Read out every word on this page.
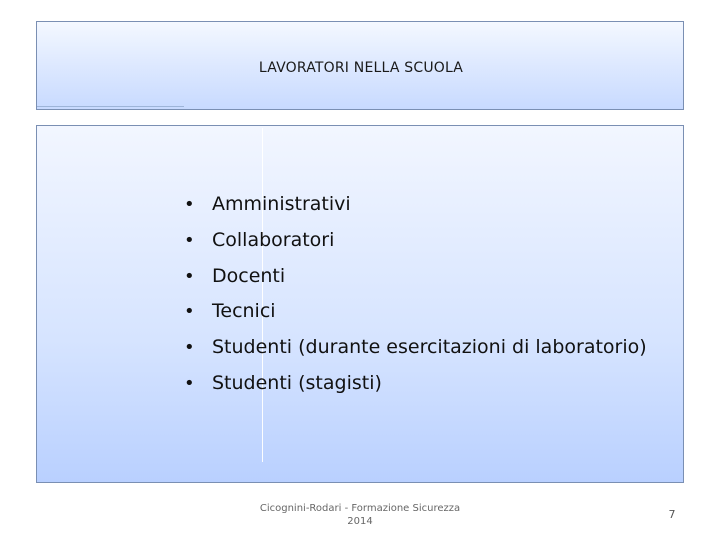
LAVORATORI NELLA SCUOLA
• Amministrativi
• Collaboratori
• Docenti
• Tecnici
• Studenti (durante esercitazioni di laboratorio)
• Studenti (stagisti)
Cicognini-Rodari - Formazione Sicurezza
2014
7
